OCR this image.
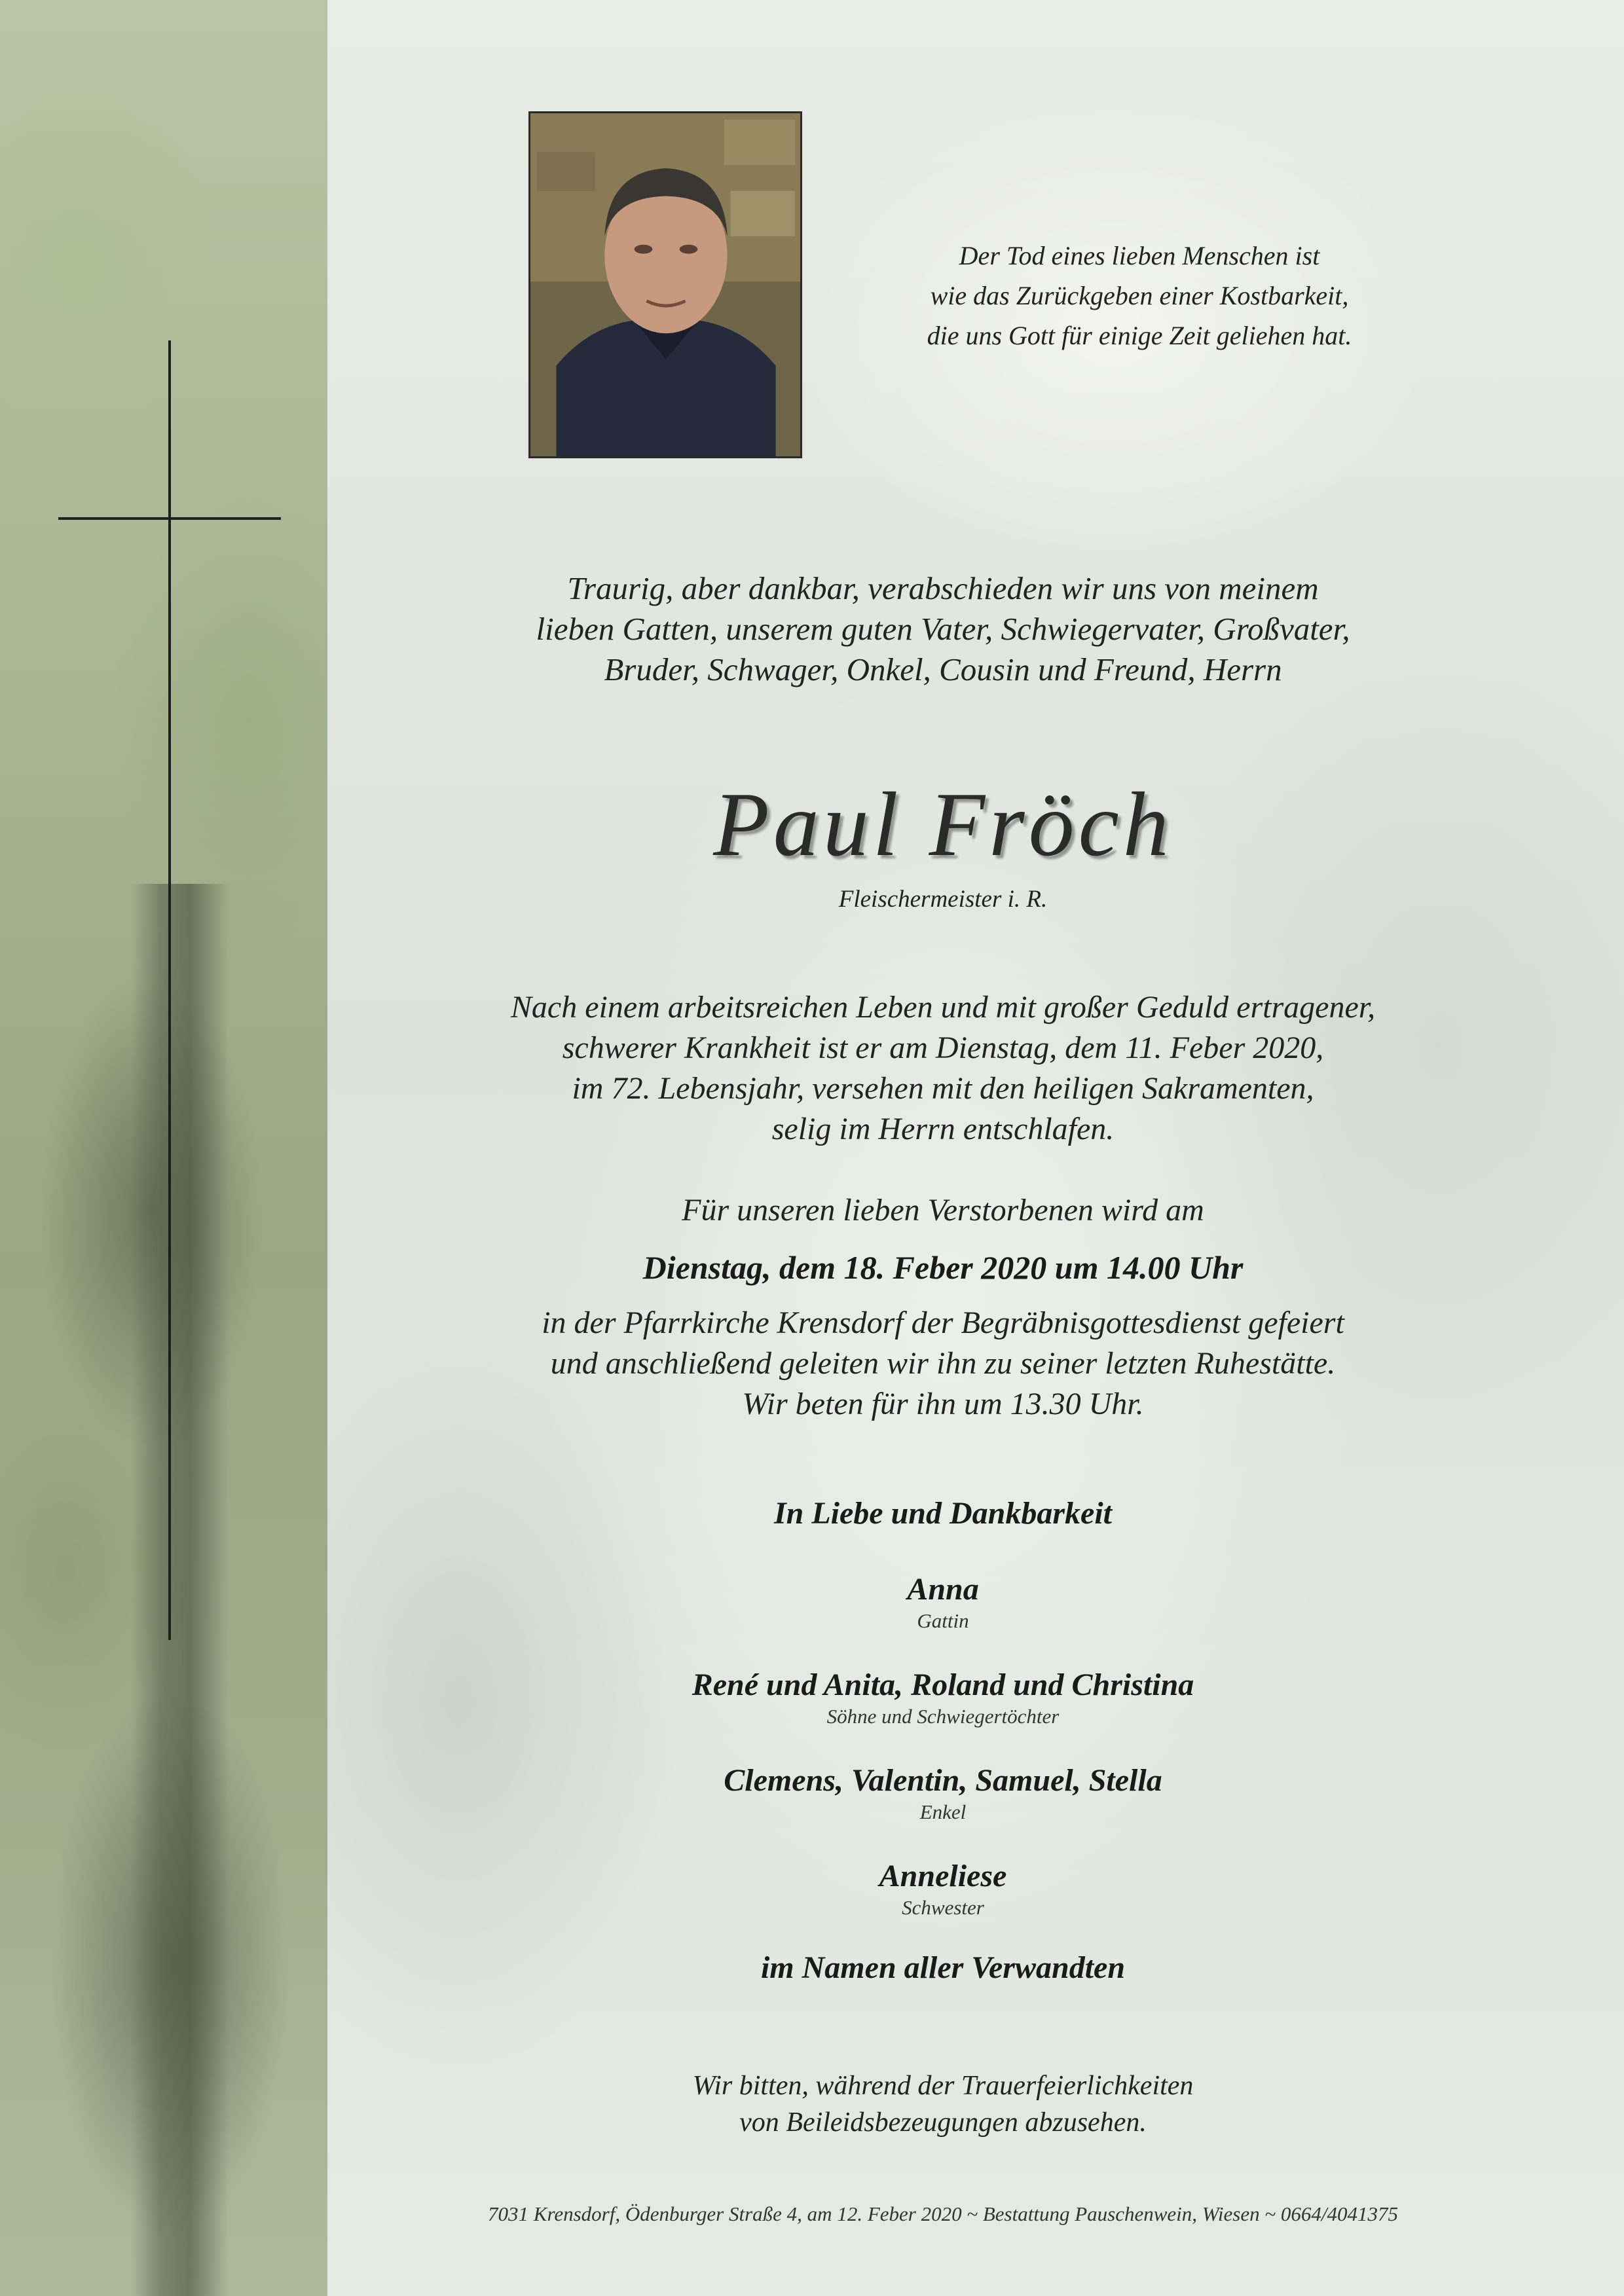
Der Tod eines lieben Menschen ist
wie das Zurückgeben einer Kostbarkeit,
die uns Gott für einige Zeit geliehen hat.
Traurig, aber dankbar, verabschieden wir uns von meinem
lieben Gatten, unserem guten Vater, Schwiegervater, Großvater,
Bruder, Schwager, Onkel, Cousin und Freund, Herrn
Paul Fröch
Fleischermeister i. R.
Nach einem arbeitsreichen Leben und mit großer Geduld ertragener,
schwerer Krankheit ist er am Dienstag, dem 11. Feber 2020,
im 72. Lebensjahr, versehen mit den heiligen Sakramenten,
selig im Herrn entschlafen.
Für unseren lieben Verstorbenen wird am
Dienstag, dem 18. Feber 2020 um 14.00 Uhr
in der Pfarrkirche Krensdorf der Begräbnisgottesdienst gefeiert
und anschließend geleiten wir ihn zu seiner letzten Ruhestätte.
Wir beten für ihn um 13.30 Uhr.
In Liebe und Dankbarkeit
Anna
Gattin
René und Anita, Roland und Christina
Söhne und Schwiegertöchter
Clemens, Valentin, Samuel, Stella
Enkel
Anneliese
Schwester
im Namen aller Verwandten
Wir bitten, während der Trauerfeierlichkeiten
von Beileidsbezeugungen abzusehen.
7031 Krensdorf, Ödenburger Straße 4, am 12. Feber 2020 ~ Bestattung Pauschenwein, Wiesen ~ 0664/4041375
